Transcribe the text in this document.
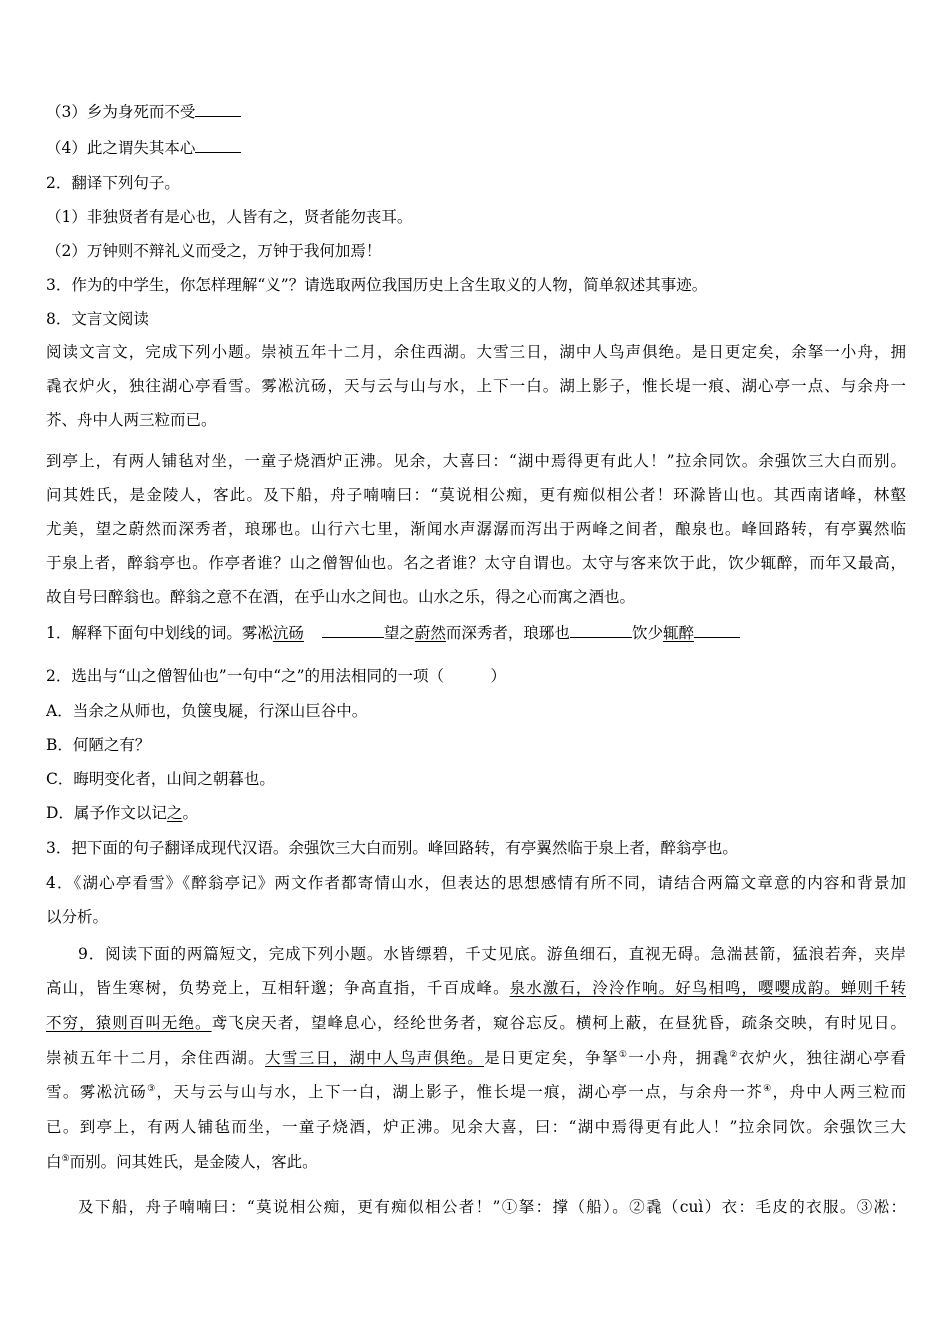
（3）乡为身死而不受
（4）此之谓失其本心
2．翻译下列句子。
（1）非独贤者有是心也，人皆有之，贤者能勿丧耳。
（2）万钟则不辩礼义而受之，万钟于我何加焉！
3．作为的中学生，你怎样理解“义”？请选取两位我国历史上含生取义的人物，简单叙述其事迹。
8．文言文阅读
阅读文言文，完成下列小题。崇祯五年十二月，余住西湖。大雪三日，湖中人鸟声俱绝。是日更定矣，余拏一小舟，拥
毳衣炉火，独往湖心亭看雪。雾凇沆砀，天与云与山与水，上下一白。湖上影子，惟长堤一痕、湖心亭一点、与余舟一
芥、舟中人两三粒而已。
到亭上，有两人铺毡对坐，一童子烧酒炉正沸。见余，大喜曰：“湖中焉得更有此人！”拉余同饮。余强饮三大白而别。
问其姓氏，是金陵人，客此。及下船，舟子喃喃曰：“莫说相公痴，更有痴似相公者！环滁皆山也。其西南诸峰，林壑
尤美，望之蔚然而深秀者，琅琊也。山行六七里，渐闻水声潺潺而泻出于两峰之间者，酿泉也。峰回路转，有亭翼然临
于泉上者，醉翁亭也。作亭者谁？山之僧智仙也。名之者谁？太守自谓也。太守与客来饮于此，饮少辄醉，而年又最高，
故自号曰醉翁也。醉翁之意不在酒，在乎山水之间也。山水之乐，得之心而寓之酒也。
1．解释下面句中划线的词。雾凇沆砀	望之蔚然而深秀者，琅琊也	饮少辄醉
2．选出与“山之僧智仙也”一句中“之”的用法相同的一项（　　　）
A．当余之从师也，负箧曳屣，行深山巨谷中。
B．何陋之有？
C．晦明变化者，山间之朝暮也。
D．属予作文以记之。
3．把下面的句子翻译成现代汉语。余强饮三大白而别。峰回路转，有亭翼然临于泉上者，醉翁亭也。
4．《湖心亭看雪》《醉翁亭记》两文作者都寄情山水，但表达的思想感情有所不同，请结合两篇文章意的内容和背景加
以分析。
9．阅读下面的两篇短文，完成下列小题。水皆缥碧，千丈见底。游鱼细石，直视无碍。急湍甚箭，猛浪若奔，夹岸
高山，皆生寒树，负势竞上，互相轩邈；争高直指，千百成峰。泉水激石，泠泠作响。好鸟相鸣，嘤嘤成韵。蝉则千转
不穷，猿则百叫无绝。鸢飞戾天者，望峰息心，经纶世务者，窥谷忘反。横柯上蔽，在昼犹昏，疏条交映，有时见日。
崇祯五年十二月，余住西湖。大雪三日，湖中人鸟声俱绝。是日更定矣，争拏①一小舟，拥毳②衣炉火，独往湖心亭看
雪。雾凇沆砀③，天与云与山与水，上下一白，湖上影子，惟长堤一痕，湖心亭一点，与余舟一芥④，舟中人两三粒而
已。到亭上，有两人铺毡而坐，一童子烧酒，炉正沸。见余大喜，曰：“湖中焉得更有此人！”拉余同饮。余强饮三大
白⑤而别。问其姓氏，是金陵人，客此。
及下船，舟子喃喃曰：“莫说相公痴，更有痴似相公者！”①拏：撑（船）。②毳（cuì）衣：毛皮的衣服。③凇：
